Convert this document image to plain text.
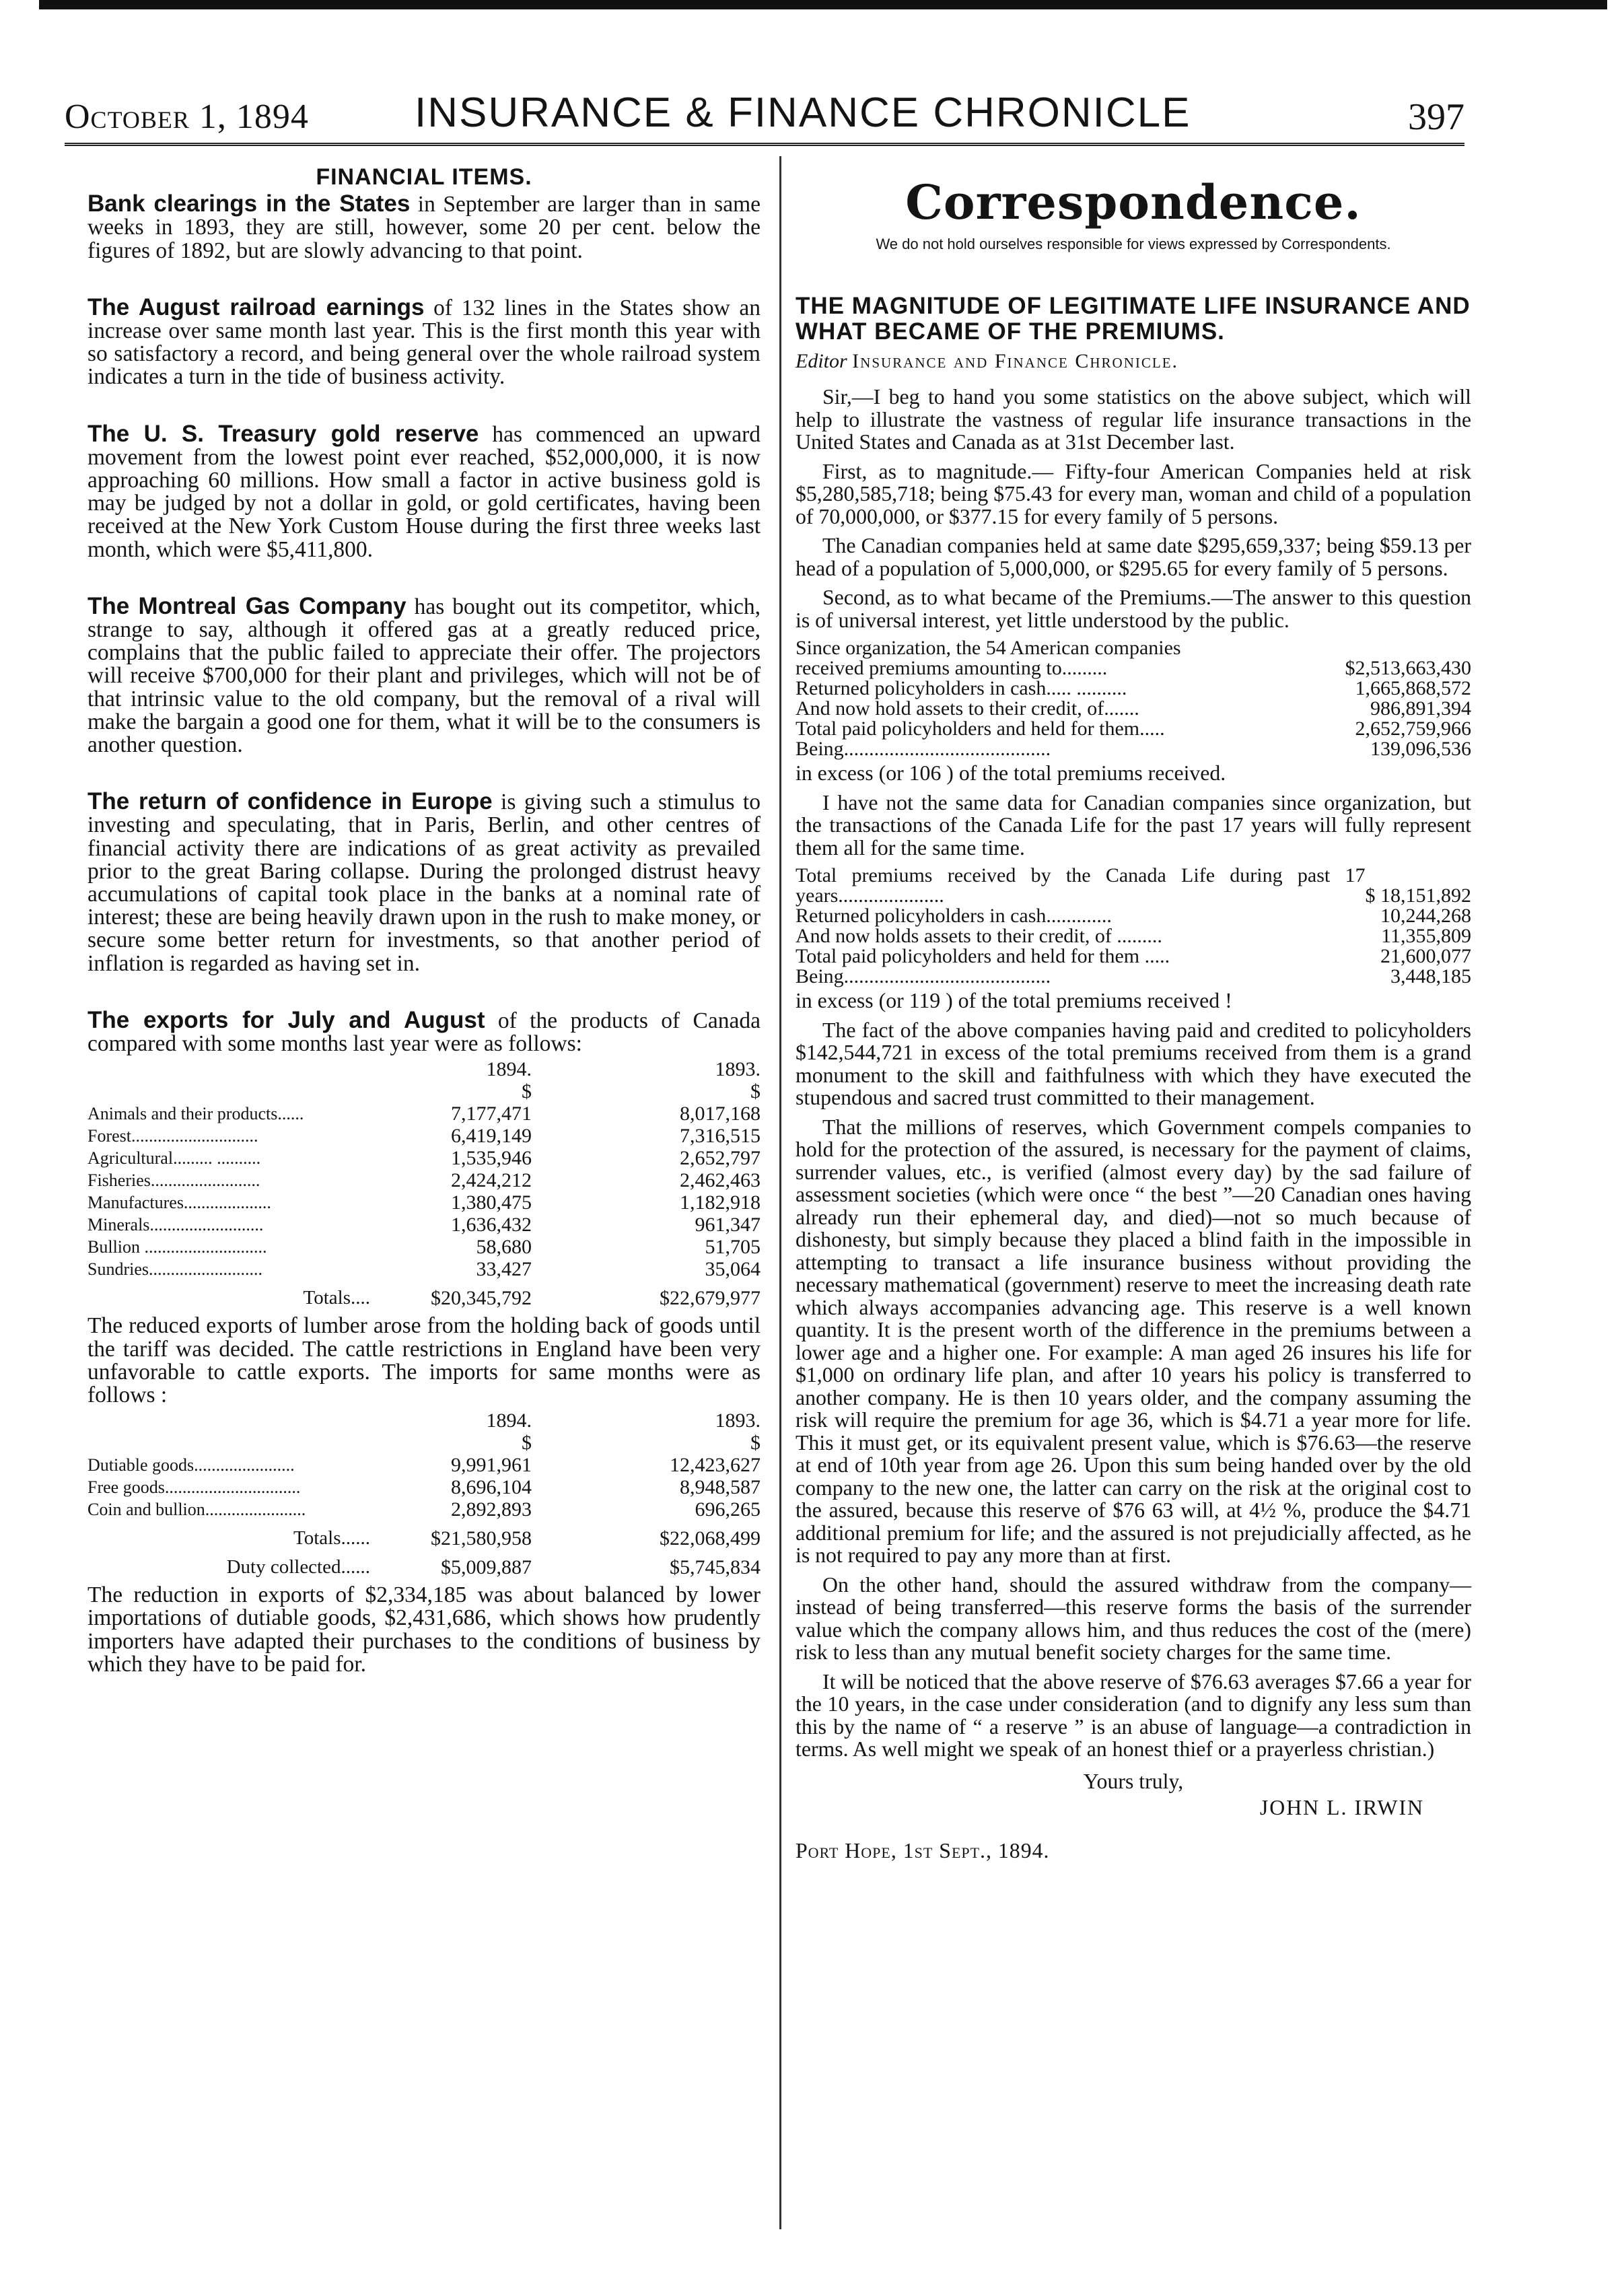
October 1, 1894	INSURANCE & FINANCE CHRONICLE	397
FINANCIAL ITEMS.

Bank clearings in the States in September are larger than in same weeks in 1893, they are still, however, some 20 per cent. below the figures of 1892, but are slowly advancing to that point.

The August railroad earnings of 132 lines in the States show an increase over same month last year. This is the first month this year with so satisfactory a record, and being general over the whole railroad system indicates a turn in the tide of business activity.

The U. S. Treasury gold reserve has commenced an upward movement from the lowest point ever reached, $52,000,000, it is now approaching 60 millions. How small a factor in active business gold is may be judged by not a dollar in gold, or gold certificates, having been received at the New York Custom House during the first three weeks last month, which were $5,411,800.

The Montreal Gas Company has bought out its competitor, which, strange to say, although it offered gas at a greatly reduced price, complains that the public failed to appreciate their offer. The projectors will receive $700,000 for their plant and privileges, which will not be of that intrinsic value to the old company, but the removal of a rival will make the bargain a good one for them, what it will be to the consumers is another question.

The return of confidence in Europe is giving such a stimulus to investing and speculating, that in Paris, Berlin, and other centres of financial activity there are indications of as great activity as prevailed prior to the great Baring collapse. During the prolonged distrust heavy accumulations of capital took place in the banks at a nominal rate of interest; these are being heavily drawn upon in the rush to make money, or secure some better return for investments, so that another period of inflation is regarded as having set in.

The exports for July and August of the products of Canada compared with some months last year were as follows:

	1894.	1893.
	$	$
Animals and their products......	7,177,471	8,017,168
Forest.............................	6,419,149	7,316,515
Agricultural......... ..........	1,535,946	2,652,797
Fisheries.........................	2,424,212	2,462,463
Manufactures....................	1,380,475	1,182,918
Minerals..........................	1,636,432	961,347
Bullion ............................	58,680	51,705
Sundries..........................	33,427	35,064
Totals....	$20,345,792	$22,679,977

The reduced exports of lumber arose from the holding back of goods until the tariff was decided. The cattle restrictions in England have been very unfavorable to cattle exports. The imports for same months were as follows :

	1894.	1893.
	$	$
Dutiable goods.......................	9,991,961	12,423,627
Free goods...............................	8,696,104	8,948,587
Coin and bullion.......................	2,892,893	696,265
Totals......	$21,580,958	$22,068,499
Duty collected......	$5,009,887	$5,745,834

The reduction in exports of $2,334,185 was about balanced by lower importations of dutiable goods, $2,431,686, which shows how prudently importers have adapted their purchases to the conditions of business by which they have to be paid for.

Correspondence.
We do not hold ourselves responsible for views expressed by Correspondents.
THE MAGNITUDE OF LEGITIMATE LIFE INSURANCE AND WHAT BECAME OF THE PREMIUMS.
Editor Insurance and Finance Chronicle.

Sir,—I beg to hand you some statistics on the above subject, which will help to illustrate the vastness of regular life insurance transactions in the United States and Canada as at 31st December last.

First, as to magnitude.— Fifty-four American Companies held at risk $5,280,585,718; being $75.43 for every man, woman and child of a population of 70,000,000, or $377.15 for every family of 5 persons.

The Canadian companies held at same date $295,659,337; being $59.13 per head of a population of 5,000,000, or $295.65 for every family of 5 persons.

Second, as to what became of the Premiums.—The answer to this question is of universal interest, yet little understood by the public.

Since organization, the 54 American companies	
received premiums amounting to.........	$2,513,663,430
Returned policyholders in cash..... ..........	1,665,868,572
And now hold assets to their credit, of.......	986,891,394
Total paid policyholders and held for them.....	2,652,759,966
Being.........................................	139,096,536

in excess (or 106 ) of the total premiums received.

I have not the same data for Canadian companies since organization, but the transactions of the Canada Life for the past 17 years will fully represent them all for the same time.

Total premiums received by the Canada Life during past 17 years.....................	$ 18,151,892
Returned policyholders in cash.............	10,244,268
And now holds assets to their credit, of .........	11,355,809
Total paid policyholders and held for them .....	21,600,077
Being.........................................	3,448,185

in excess (or 119 ) of the total premiums received !

The fact of the above companies having paid and credited to policyholders $142,544,721 in excess of the total premiums received from them is a grand monument to the skill and faithfulness with which they have executed the stupendous and sacred trust committed to their management.

That the millions of reserves, which Government compels companies to hold for the protection of the assured, is necessary for the payment of claims, surrender values, etc., is verified (almost every day) by the sad failure of assessment societies (which were once “ the best ”—20 Canadian ones having already run their ephemeral day, and died)—not so much because of dishonesty, but simply because they placed a blind faith in the impossible in attempting to transact a life insurance business without providing the necessary mathematical (government) reserve to meet the increasing death rate which always accompanies advancing age. This reserve is a well known quantity. It is the present worth of the difference in the premiums between a lower age and a higher one. For example: A man aged 26 insures his life for $1,000 on ordinary life plan, and after 10 years his policy is transferred to another company. He is then 10 years older, and the company assuming the risk will require the premium for age 36, which is $4.71 a year more for life. This it must get, or its equivalent present value, which is $76.63—the reserve at end of 10th year from age 26. Upon this sum being handed over by the old company to the new one, the latter can carry on the risk at the original cost to the assured, because this reserve of $76 63 will, at 4½ %, produce the $4.71 additional premium for life; and the assured is not prejudicially affected, as he is not required to pay any more than at first.

On the other hand, should the assured withdraw from the company—instead of being transferred—this reserve forms the basis of the surrender value which the company allows him, and thus reduces the cost of the (mere) risk to less than any mutual benefit society charges for the same time.

It will be noticed that the above reserve of $76.63 averages $7.66 a year for the 10 years, in the case under consideration (and to dignify any less sum than this by the name of “ a reserve ” is an abuse of language—a contradiction in terms. As well might we speak of an honest thief or a prayerless christian.)

Yours truly,
JOHN L. IRWIN
Port Hope, 1st Sept., 1894.
